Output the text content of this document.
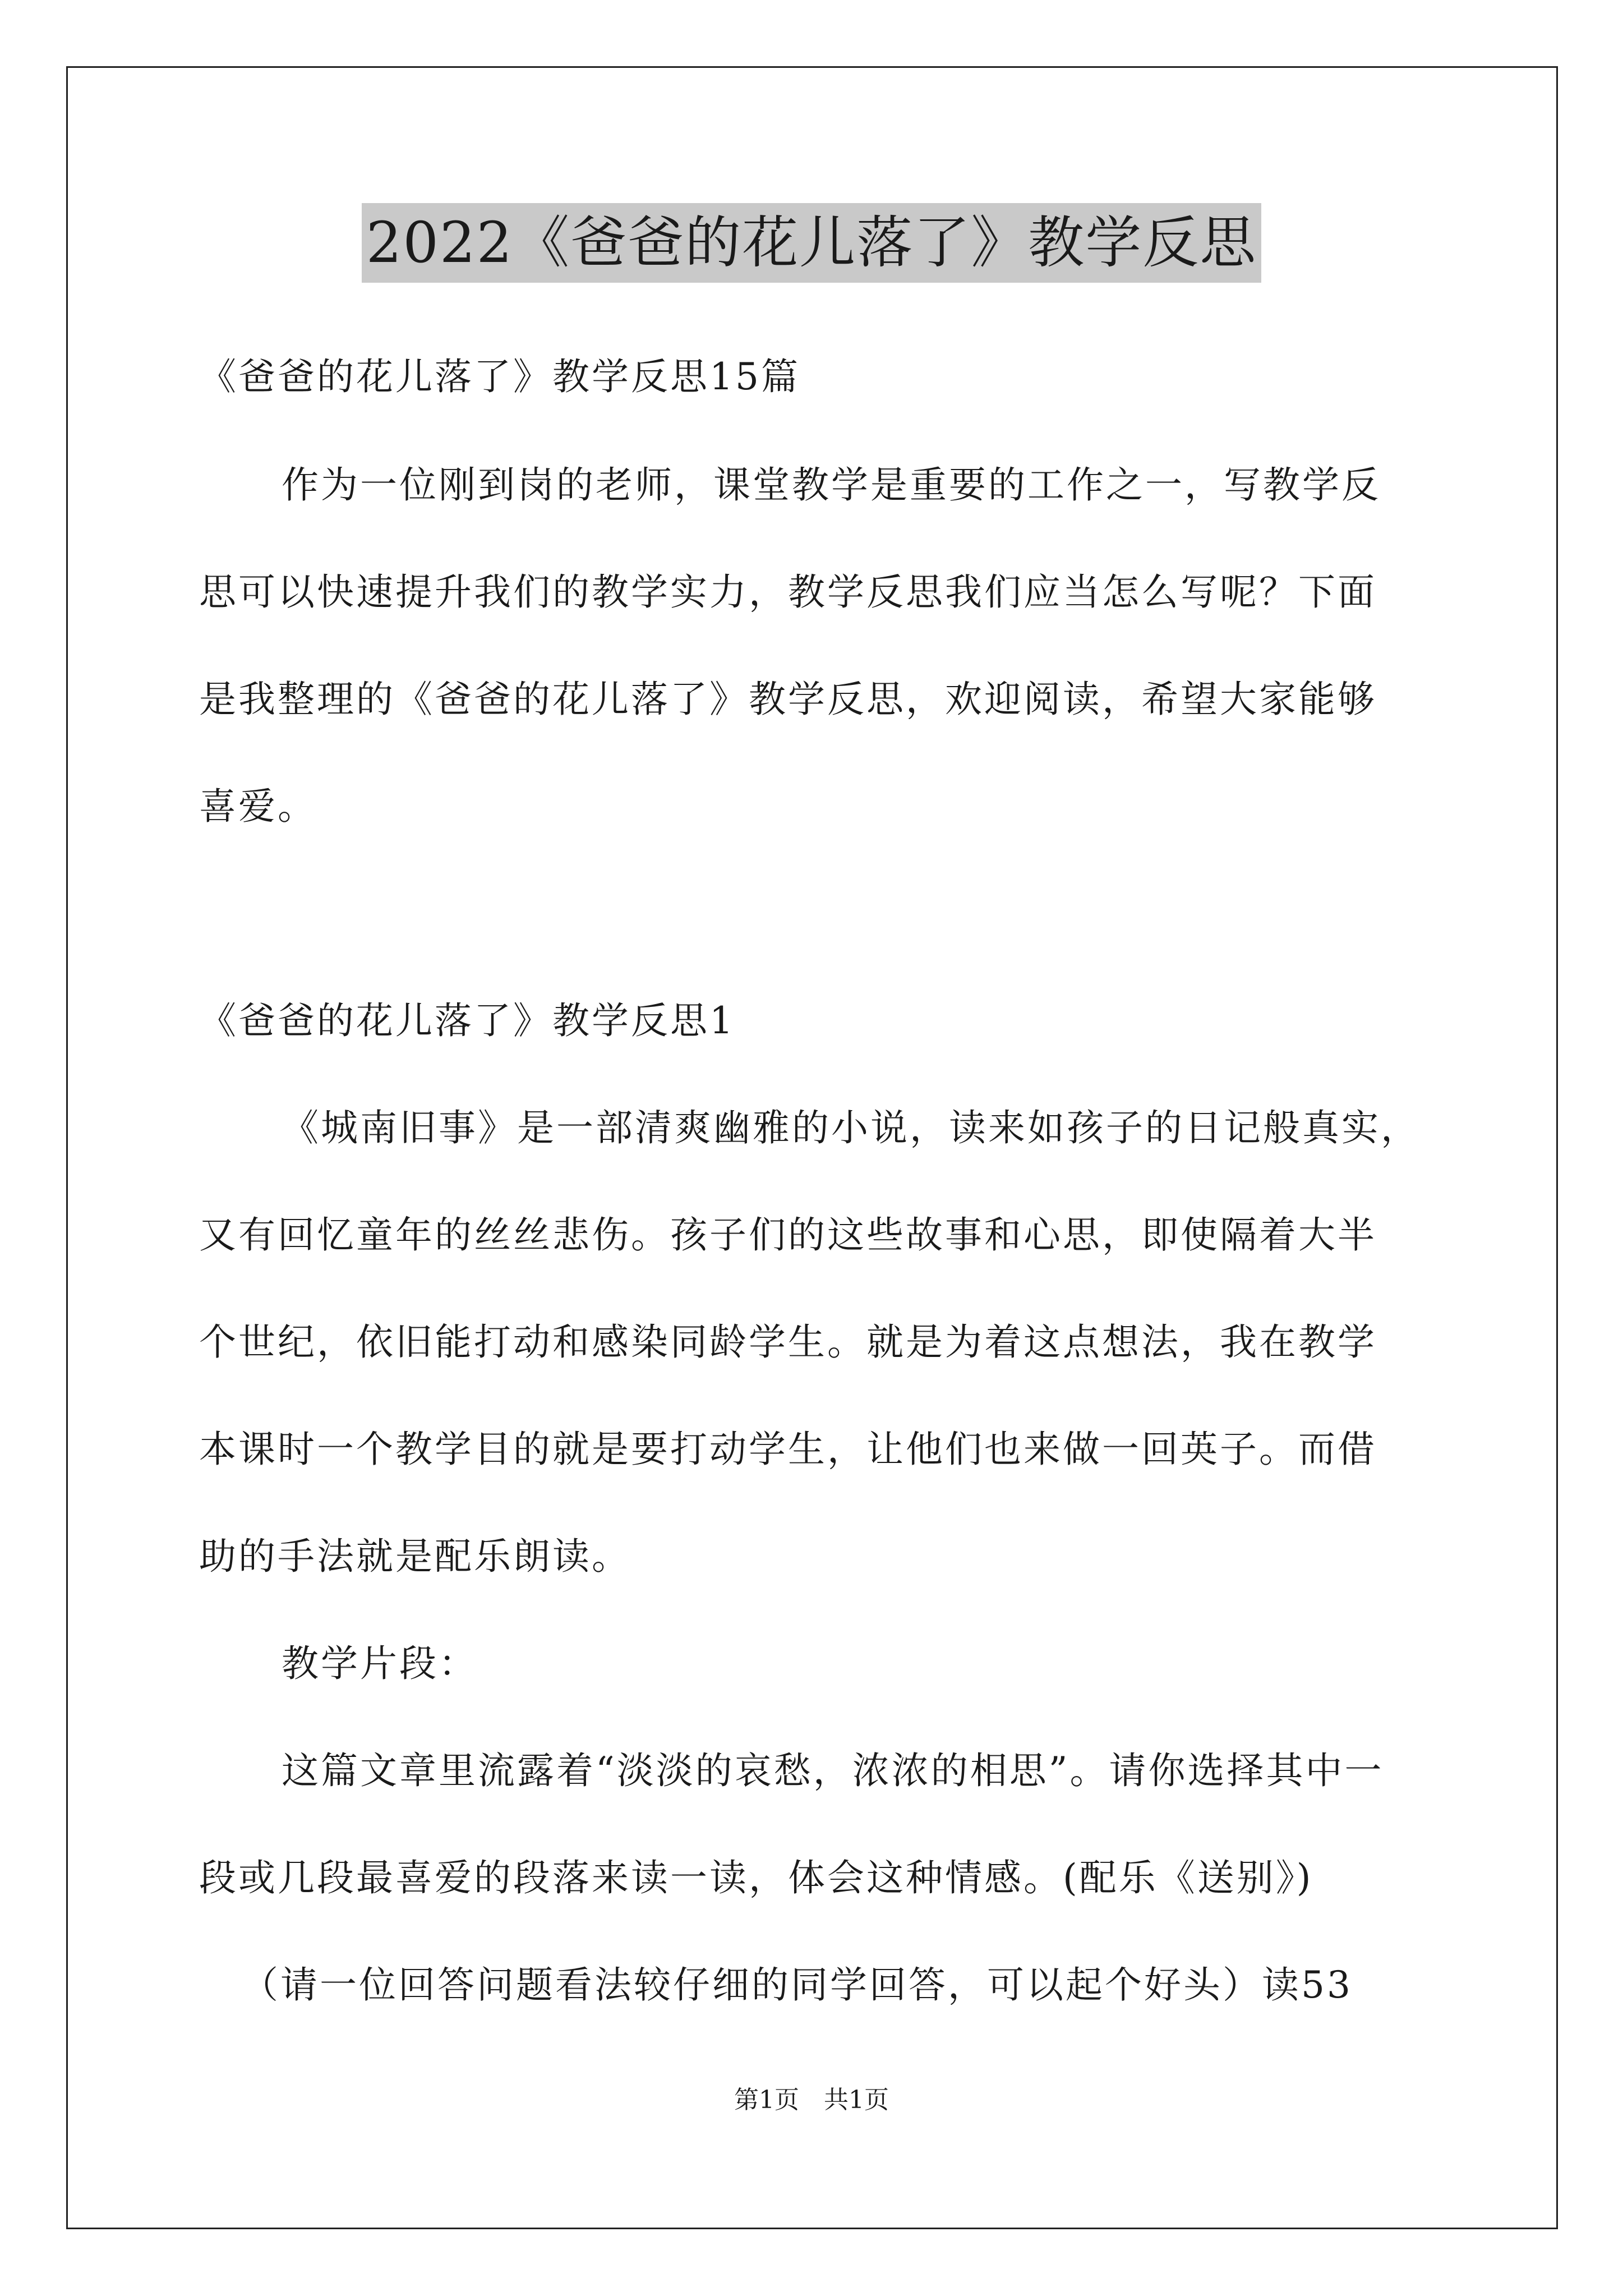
2022《爸爸的花儿落了》教学反思
《爸爸的花儿落了》教学反思15篇
作为一位刚到岗的老师，课堂教学是重要的工作之一，写教学反
思可以快速提升我们的教学实力，教学反思我们应当怎么写呢？下面
是我整理的《爸爸的花儿落了》教学反思，欢迎阅读，希望大家能够
喜爱。
《爸爸的花儿落了》教学反思1
《城南旧事》是一部清爽幽雅的小说，读来如孩子的日记般真实，
又有回忆童年的丝丝悲伤。孩子们的这些故事和心思，即使隔着大半
个世纪，依旧能打动和感染同龄学生。就是为着这点想法，我在教学
本课时一个教学目的就是要打动学生，让他们也来做一回英子。而借
助的手法就是配乐朗读。
教学片段：
这篇文章里流露着“淡淡的哀愁，浓浓的相思”。请你选择其中一
段或几段最喜爱的段落来读一读，体会这种情感。(配乐《送别》)
（请一位回答问题看法较仔细的同学回答，可以起个好头）读53
第1页　共1页
